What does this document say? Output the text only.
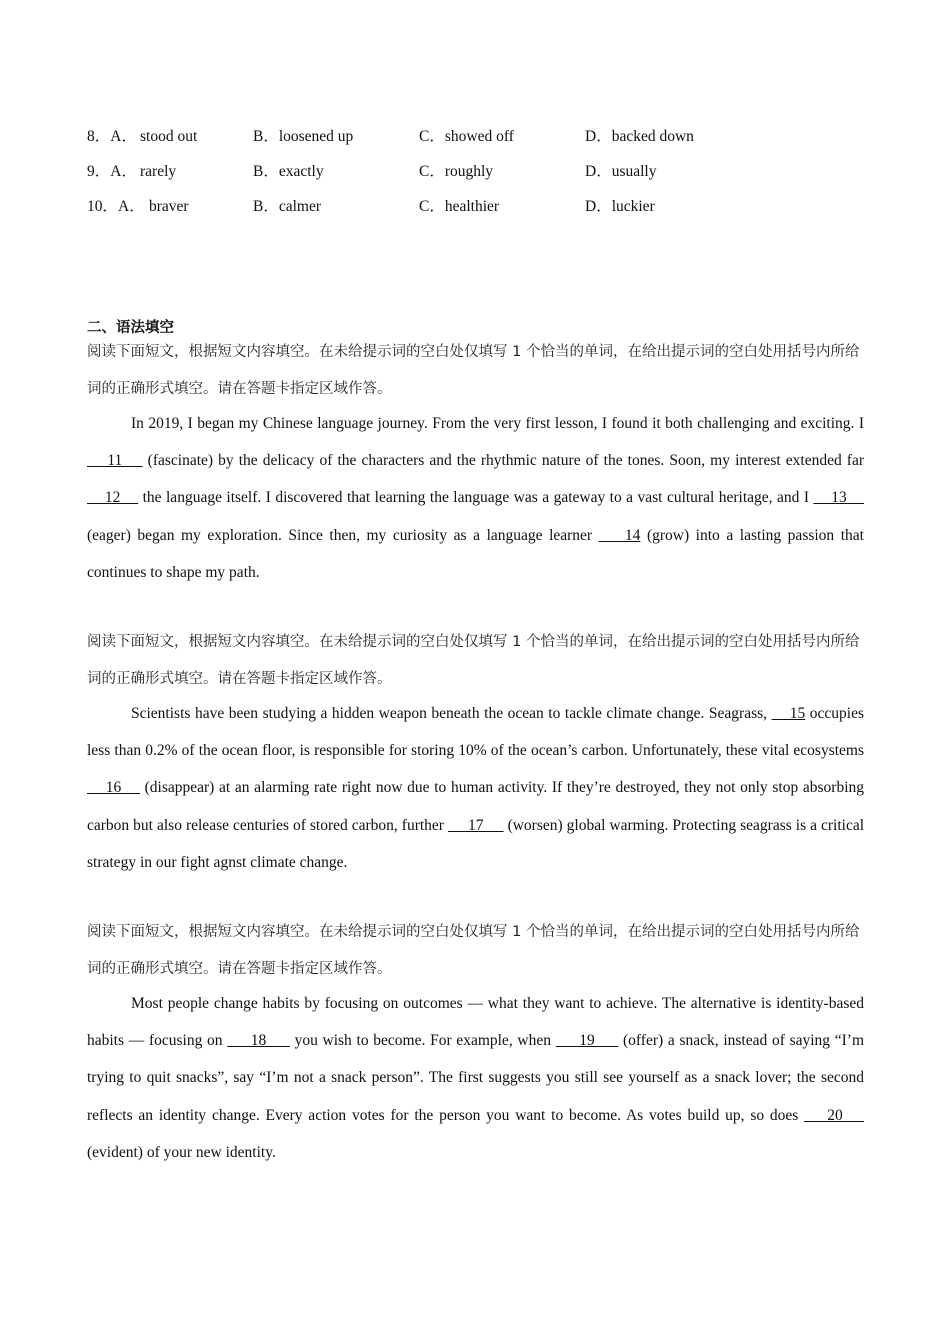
8．A． stood out	B．loosened up	C．showed off	D．backed down
9．A． rarely	B．exactly	C．roughly	D．usually
10．A． braver	B．calmer	C．healthier	D．luckier
二、语法填空
阅读下面短文，根据短文内容填空。在未给提示词的空白处仅填写 1 个恰当的单词，在给出提示词的空白处用括号内所给词的正确形式填空。请在答题卡指定区域作答。
In 2019, I began my Chinese language journey. From the very first lesson, I found it both challenging and exciting. I     11     (fascinate) by the delicacy of the characters and the rhythmic nature of the tones. Soon, my interest extended far     12     the language itself. I discovered that learning the language was a gateway to a vast cultural heritage, and I     13     (eager) began my exploration. Since then, my curiosity as a language learner     14 (grow) into a lasting passion that continues to shape my path.
阅读下面短文，根据短文内容填空。在未给提示词的空白处仅填写 1 个恰当的单词，在给出提示词的空白处用括号内所给词的正确形式填空。请在答题卡指定区域作答。
Scientists have been studying a hidden weapon beneath the ocean to tackle climate change. Seagrass,     15 occupies less than 0.2% of the ocean floor, is responsible for storing 10% of the ocean’s carbon. Unfortunately, these vital ecosystems     16     (disappear) at an alarming rate right now due to human activity. If they’re destroyed, they not only stop absorbing carbon but also release centuries of stored carbon, further      17      (worsen) global warming. Protecting seagrass is a critical strategy in our fight agnst climate change.
阅读下面短文，根据短文内容填空。在未给提示词的空白处仅填写 1 个恰当的单词，在给出提示词的空白处用括号内所给词的正确形式填空。请在答题卡指定区域作答。
Most people change habits by focusing on outcomes — what they want to achieve. The alternative is identity-based habits — focusing on      18      you wish to become. For example, when      19      (offer) a snack, instead of saying “I’m trying to quit snacks”, say “I’m not a snack person”. The first suggests you still see yourself as a snack lover; the second reflects an identity change. Every action votes for the person you want to become. As votes build up, so does     20     (evident) of your new identity.
